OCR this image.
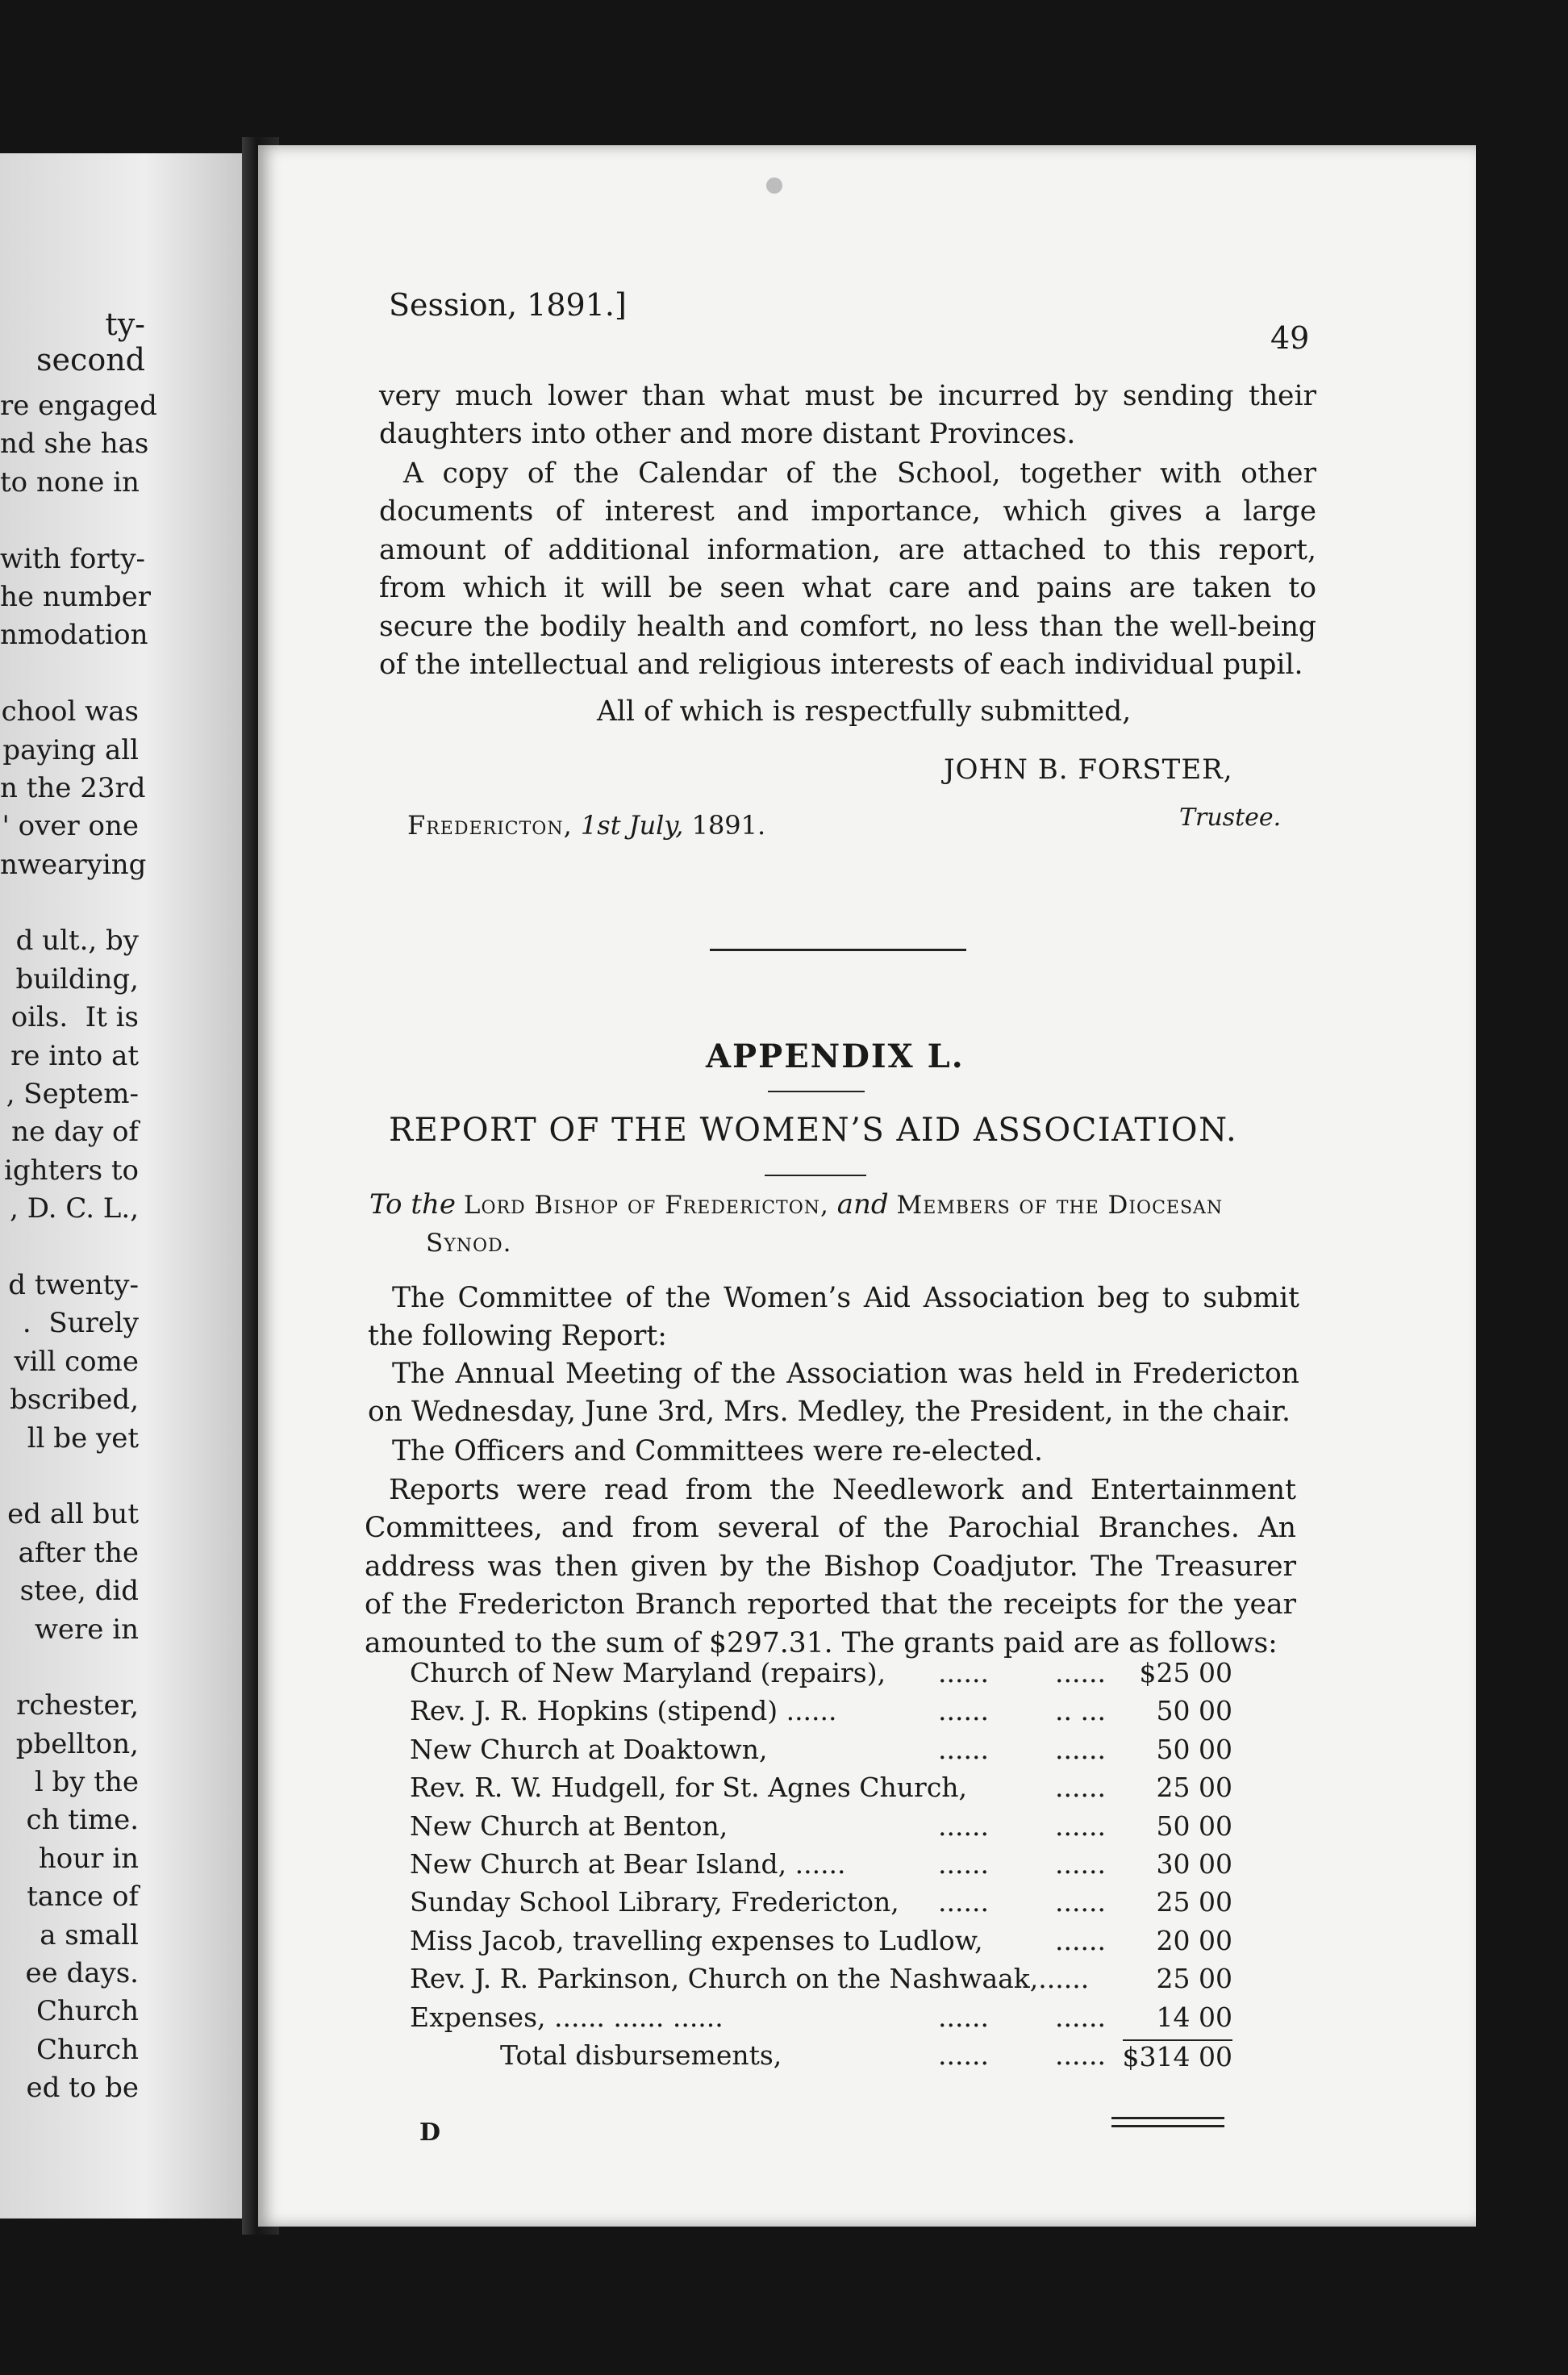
ty-second
re engaged
nd she has
to none in
with forty-
he number
nmodation
chool was
paying all
n the 23rd
' over one
nwearying
d ult., by
building,
oils.  It is
re into at
, Septem-
ne day of
ighters to
, D. C. L.,
d twenty-
.  Surely
vill come
bscribed,
ll be yet
ed all but
after the
stee, did
were in
rchester,
pbellton,
l by the
ch time.
hour in
tance of
a small
ee days.
Church
Church
ed to be
Session, 1891.]
49
very much lower than what must be incurred by sending their daughters into other and more distant Provinces.
A copy of the Calendar of the School, together with other documents of interest and importance, which gives a large amount of additional information, are attached to this report, from which it will be seen what care and pains are taken to secure the bodily health and comfort, no less than the well-being of the intellectual and religious interests of each individual pupil.
All of which is respectfully submitted,
JOHN B. FORSTER,
Fredericton, 1st July, 1891.	Trustee.
APPENDIX L.
REPORT OF THE WOMEN’S AID ASSOCIATION.
To the Lord Bishop of Fredericton, and Members of the Diocesan
Synod.
The Committee of the Women’s Aid Association beg to submit the following Report:
The Annual Meeting of the Association was held in Fredericton on Wednesday, June 3rd, Mrs. Medley, the President, in the chair.
The Officers and Committees were re-elected.
Reports were read from the Needlework and Entertainment Committees, and from several of the Parochial Branches. An address was then given by the Bishop Coadjutor. The Treasurer of the Fredericton Branch reported that the receipts for the year amounted to the sum of $297.31. The grants paid are as follows:
Church of New Maryland (repairs), ...... ...... $25 00
Rev. J. R. Hopkins (stipend) ......	...... .. ... 50 00
New Church at Doaktown,	...... ...... 50 00
Rev. R. W. Hudgell, for St. Agnes Church,	...... 25 00
New Church at Benton,	...... ...... 50 00
New Church at Bear Island, ......	...... ...... 30 00
Sunday School Library, Fredericton, ...... ...... 25 00
Miss Jacob, travelling expenses to Ludlow,	...... 20 00
Rev. J. R. Parkinson, Church on the Nashwaak,......	25 00
Expenses, ...... ...... ......	...... ...... 14 00
Total disbursements,	...... ...... $314 00
D
